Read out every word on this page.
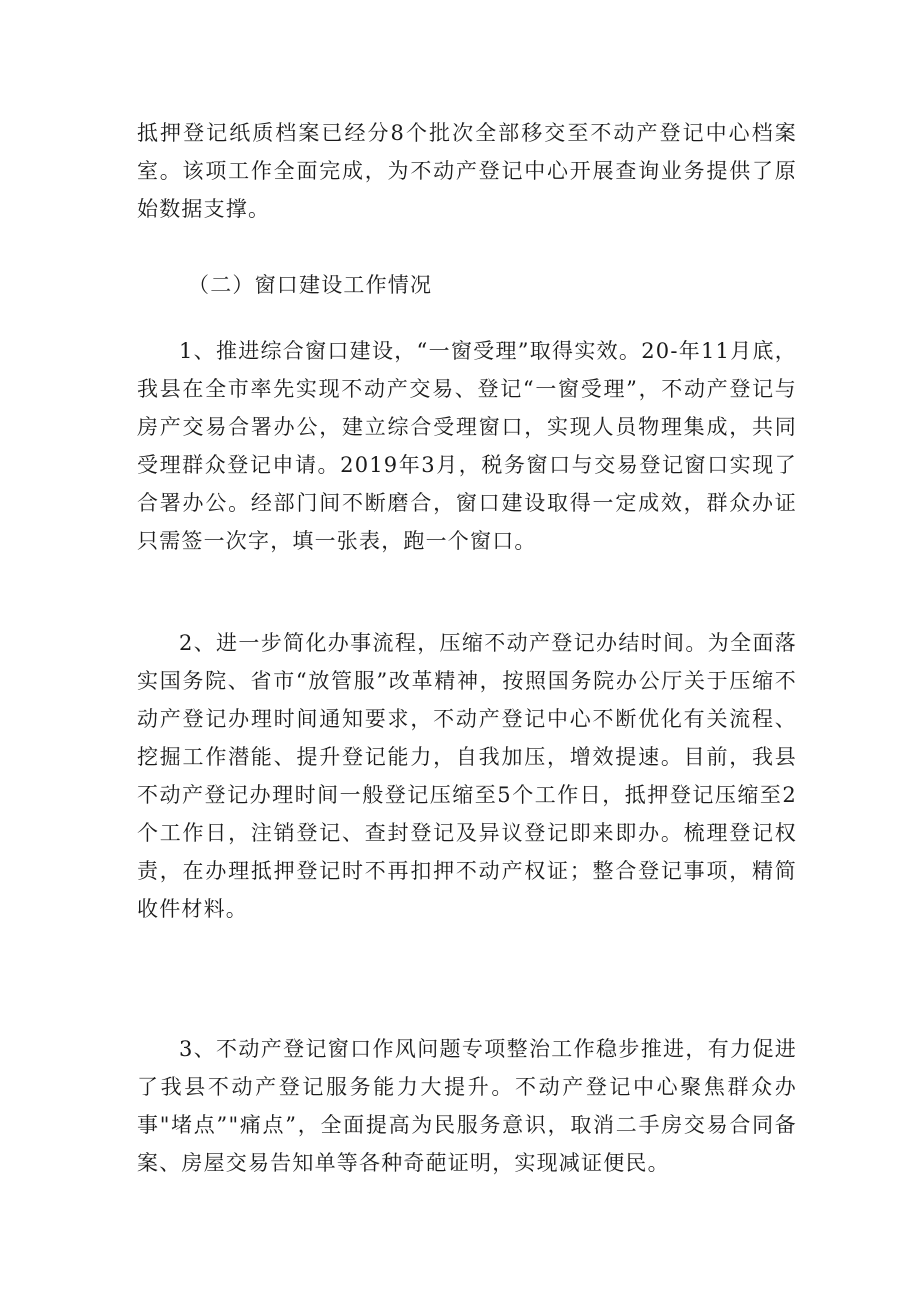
抵押登记纸质档案已经分8个批次全部移交至不动产登记中心档案室。该项工作全面完成，为不动产登记中心开展查询业务提供了原始数据支撑。

（二）窗口建设工作情况

1、推进综合窗口建设，“一窗受理”取得实效。20-年11月底，我县在全市率先实现不动产交易、登记“一窗受理”，不动产登记与房产交易合署办公，建立综合受理窗口，实现人员物理集成，共同受理群众登记申请。2019年3月，税务窗口与交易登记窗口实现了合署办公。经部门间不断磨合，窗口建设取得一定成效，群众办证只需签一次字，填一张表，跑一个窗口。

2、进一步简化办事流程，压缩不动产登记办结时间。为全面落实国务院、省市“放管服”改革精神，按照国务院办公厅关于压缩不动产登记办理时间通知要求，不动产登记中心不断优化有关流程、挖掘工作潜能、提升登记能力，自我加压，增效提速。目前，我县不动产登记办理时间一般登记压缩至5个工作日，抵押登记压缩至2个工作日，注销登记、查封登记及异议登记即来即办。梳理登记权责，在办理抵押登记时不再扣押不动产权证；整合登记事项，精简收件材料。

3、不动产登记窗口作风问题专项整治工作稳步推进，有力促进了我县不动产登记服务能力大提升。不动产登记中心聚焦群众办事"堵点”"痛点”，全面提高为民服务意识，取消二手房交易合同备案、房屋交易告知单等各种奇葩证明，实现减证便民。
